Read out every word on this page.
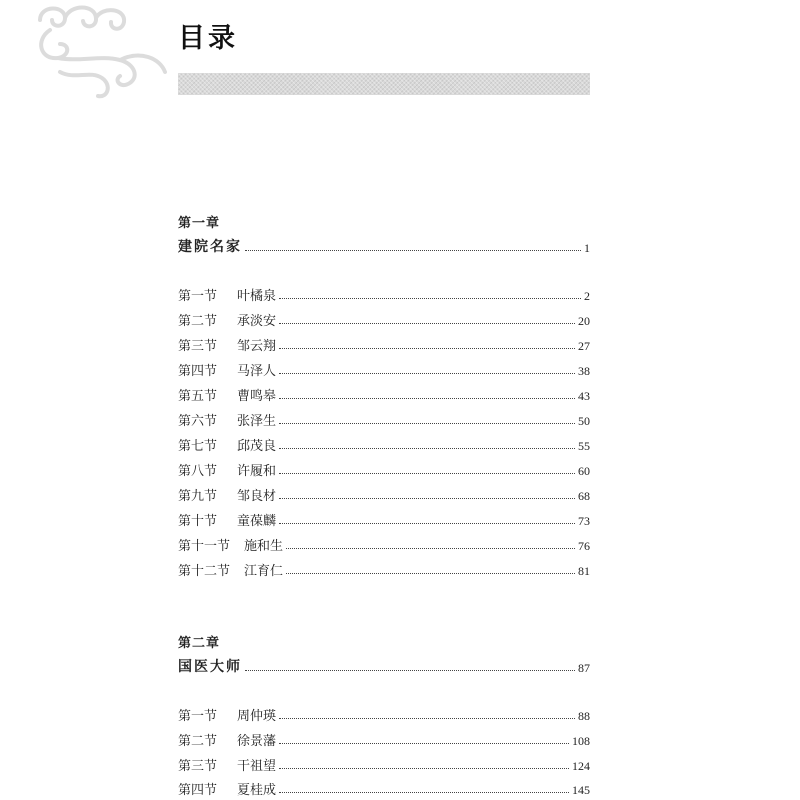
目录
第一章
建院名家	1
第一节 叶橘泉	2
第二节 承淡安	20
第三节 邹云翔	27
第四节 马泽人	38
第五节 曹鸣皋	43
第六节 张泽生	50
第七节 邱茂良	55
第八节 许履和	60
第九节 邹良材	68
第十节 童葆麟	73
第十一节 施和生	76
第十二节 江育仁	81
第二章
国医大师	87
第一节 周仲瑛	88
第二节 徐景藩	108
第三节 干祖望	124
第四节 夏桂成	145
